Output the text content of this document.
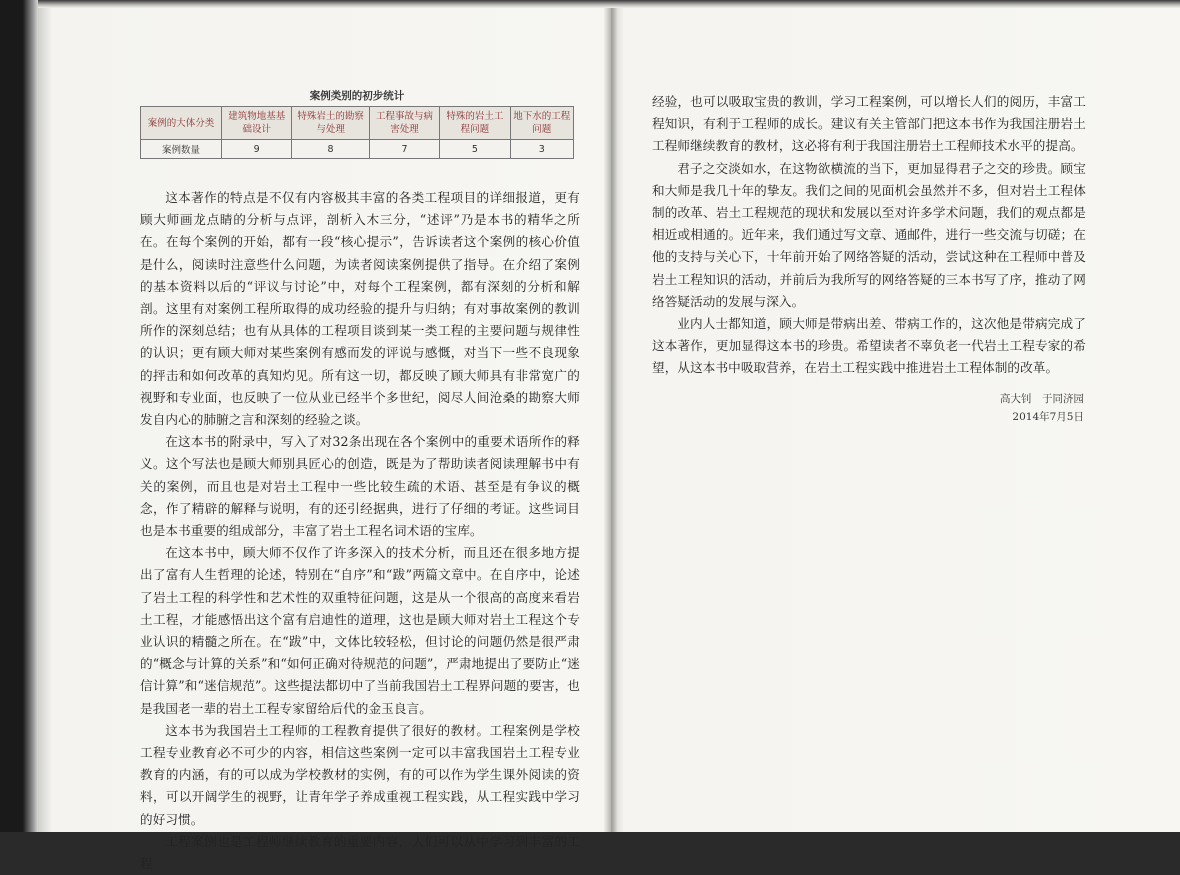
案例类别的初步统计
案例的大体分类	建筑物地基基础设计	特殊岩土的勘察与处理	工程事故与病害处理	特殊的岩土工程问题	地下水的工程问题
案例数量	9	8	7	5	3

这本著作的特点是不仅有内容极其丰富的各类工程项目的详细报道，更有顾大师画龙点睛的分析与点评，剖析入木三分，“述评”乃是本书的精华之所在。在每个案例的开始，都有一段“核心提示”，告诉读者这个案例的核心价值是什么，阅读时注意些什么问题，为读者阅读案例提供了指导。在介绍了案例的基本资料以后的“评议与讨论”中，对每个工程案例，都有深刻的分析和解剖。这里有对案例工程所取得的成功经验的提升与归纳；有对事故案例的教训所作的深刻总结；也有从具体的工程项目谈到某一类工程的主要问题与规律性的认识；更有顾大师对某些案例有感而发的评说与感慨，对当下一些不良现象的抨击和如何改革的真知灼见。所有这一切，都反映了顾大师具有非常宽广的视野和专业面，也反映了一位从业已经半个多世纪，阅尽人间沧桑的勘察大师发自内心的肺腑之言和深刻的经验之谈。

在这本书的附录中，写入了对32条出现在各个案例中的重要术语所作的释义。这个写法也是顾大师别具匠心的创造，既是为了帮助读者阅读理解书中有关的案例，而且也是对岩土工程中一些比较生疏的术语、甚至是有争议的概念，作了精辟的解释与说明，有的还引经据典，进行了仔细的考证。这些词目也是本书重要的组成部分，丰富了岩土工程名词术语的宝库。

在这本书中，顾大师不仅作了许多深入的技术分析，而且还在很多地方提出了富有人生哲理的论述，特别在“自序”和“跋”两篇文章中。在自序中，论述了岩土工程的科学性和艺术性的双重特征问题，这是从一个很高的高度来看岩土工程，才能感悟出这个富有启迪性的道理，这也是顾大师对岩土工程这个专业认识的精髓之所在。在“跋”中，文体比较轻松，但讨论的问题仍然是很严肃的“概念与计算的关系”和“如何正确对待规范的问题”，严肃地提出了要防止“迷信计算”和“迷信规范”。这些提法都切中了当前我国岩土工程界问题的要害，也是我国老一辈的岩土工程专家留给后代的金玉良言。

这本书为我国岩土工程师的工程教育提供了很好的教材。工程案例是学校工程专业教育必不可少的内容，相信这些案例一定可以丰富我国岩土工程专业教育的内涵，有的可以成为学校教材的实例，有的可以作为学生课外阅读的资料，可以开阔学生的视野，让青年学子养成重视工程实践，从工程实践中学习的好习惯。

工程案例也是工程师继续教育的重要内容，人们可以从中学习到丰富的工程

经验，也可以吸取宝贵的教训，学习工程案例，可以增长人们的阅历，丰富工程知识，有利于工程师的成长。建议有关主管部门把这本书作为我国注册岩土工程师继续教育的教材，这必将有利于我国注册岩土工程师技术水平的提高。

君子之交淡如水，在这物欲横流的当下，更加显得君子之交的珍贵。顾宝和大师是我几十年的挚友。我们之间的见面机会虽然并不多，但对岩土工程体制的改革、岩土工程规范的现状和发展以至对许多学术问题，我们的观点都是相近或相通的。近年来，我们通过写文章、通邮件，进行一些交流与切磋；在他的支持与关心下，十年前开始了网络答疑的活动，尝试这种在工程师中普及岩土工程知识的活动，并前后为我所写的网络答疑的三本书写了序，推动了网络答疑活动的发展与深入。

业内人士都知道，顾大师是带病出差、带病工作的，这次他是带病完成了这本著作，更加显得这本书的珍贵。希望读者不辜负老一代岩土工程专家的希望，从这本书中吸取营养，在岩土工程实践中推进岩土工程体制的改革。

高大钊　于同济园
2014年7月5日
